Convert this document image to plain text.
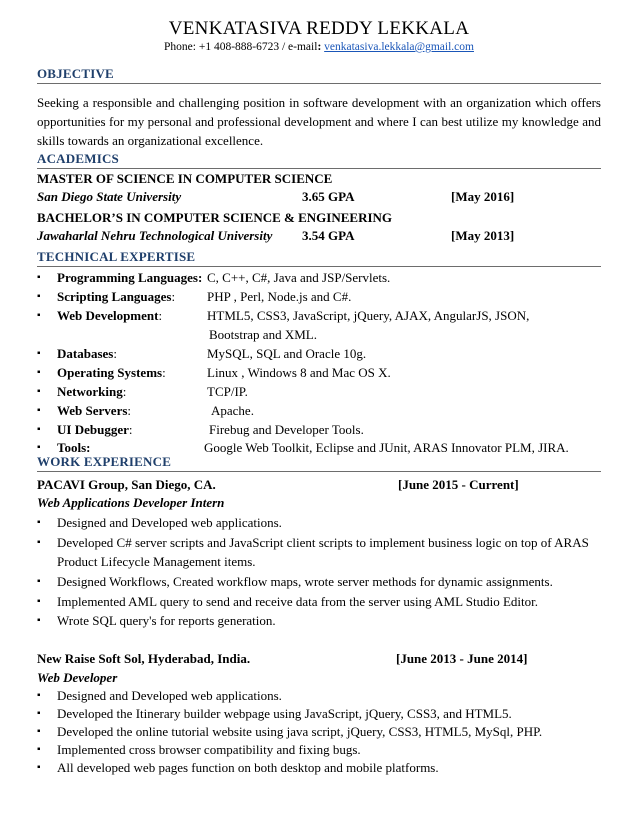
VENKATASIVA REDDY LEKKALA
Phone: +1 408-888-6723 / e-mail: venkatasiva.lekkala@gmail.com
OBJECTIVE
Seeking a responsible and challenging position in software development with an organization which offers
opportunities for my personal and professional development and where I can best utilize my knowledge and
skills towards an organizational excellence.
ACADEMICS
MASTER OF SCIENCE IN COMPUTER SCIENCE
San Diego State University	3.65 GPA	[May 2016]
BACHELOR’S IN COMPUTER SCIENCE & ENGINEERING
Jawaharlal Nehru Technological University 3.54 GPA	[May 2013]
TECHNICAL EXPERTISE
▪ Programming Languages: C, C++, C#, Java and JSP/Servlets.
▪ Scripting Languages: PHP , Perl, Node.js and C#.
▪ Web Development:	HTML5, CSS3, JavaScript, jQuery, AJAX, AngularJS, JSON,
Bootstrap and XML.
▪ Databases:	MySQL, SQL and Oracle 10g.
▪ Operating Systems:	Linux , Windows 8 and Mac OS X.
▪ Networking:	TCP/IP.
▪ Web Servers:	Apache.
▪ UI Debugger:	Firebug and Developer Tools.
▪ Tools:	Google Web Toolkit, Eclipse and JUnit, ARAS Innovator PLM, JIRA.
WORK EXPERIENCE
PACAVI Group, San Diego, CA.	[June 2015 - Current]
Web Applications Developer Intern
▪ Designed and Developed web applications.
▪ Developed C# server scripts and JavaScript client scripts to implement business logic on top of ARAS
Product Lifecycle Management items.
▪ Designed Workflows, Created workflow maps, wrote server methods for dynamic assignments.
▪ Implemented AML query to send and receive data from the server using AML Studio Editor.
▪ Wrote SQL query's for reports generation.
New Raise Soft Sol, Hyderabad, India.	[June 2013 - June 2014]
Web Developer
▪ Designed and Developed web applications.
▪ Developed the Itinerary builder webpage using JavaScript, jQuery, CSS3, and HTML5.
▪ Developed the online tutorial website using java script, jQuery, CSS3, HTML5, MySql, PHP.
▪ Implemented cross browser compatibility and fixing bugs.
▪ All developed web pages function on both desktop and mobile platforms.
